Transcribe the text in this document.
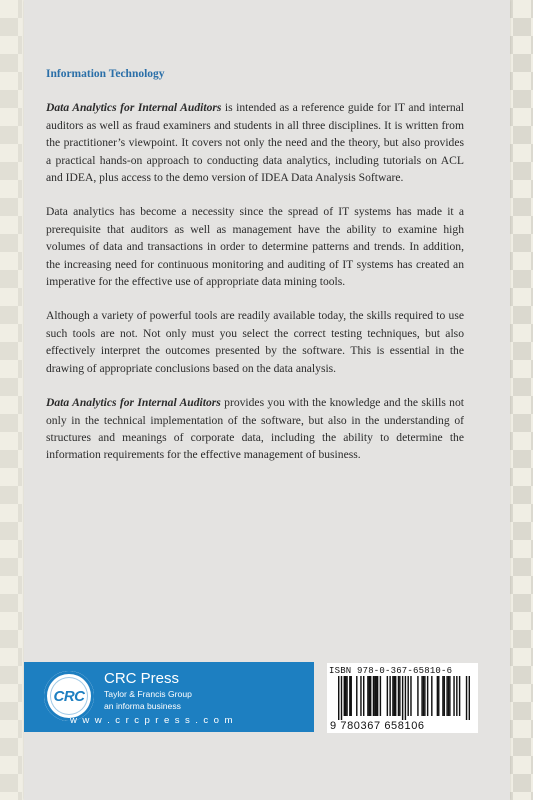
Information Technology

Data Analytics for Internal Auditors is intended as a reference guide for IT and internal auditors as well as fraud examiners and students in all three disciplines. It is written from the practitioner’s viewpoint. It covers not only the need and the theory, but also provides a practical hands-on approach to conducting data analytics, including tutorials on ACL and IDEA, plus access to the demo version of IDEA Data Analysis Software.

Data analytics has become a necessity since the spread of IT systems has made it a prerequisite that auditors as well as management have the ability to examine high volumes of data and transactions in order to determine patterns and trends. In addition, the increasing need for continuous monitoring and auditing of IT systems has created an imperative for the effective use of appropriate data mining tools.

Although a variety of powerful tools are readily available today, the skills required to use such tools are not. Not only must you select the correct testing techniques, but also effectively interpret the outcomes presented by the software. This is essential in the drawing of appropriate conclusions based on the data analysis.

Data Analytics for Internal Auditors provides you with the knowledge and the skills not only in the technical implementation of the software, but also in the understanding of structures and meanings of corporate data, including the ability to determine the information requirements for the effective management of business.

CRC
CRC Press
Taylor & Francis Group
an informa business
w w w . c r c p r e s s . c o m
ISBN 978-0-367-65810-6
9 780367 658106
